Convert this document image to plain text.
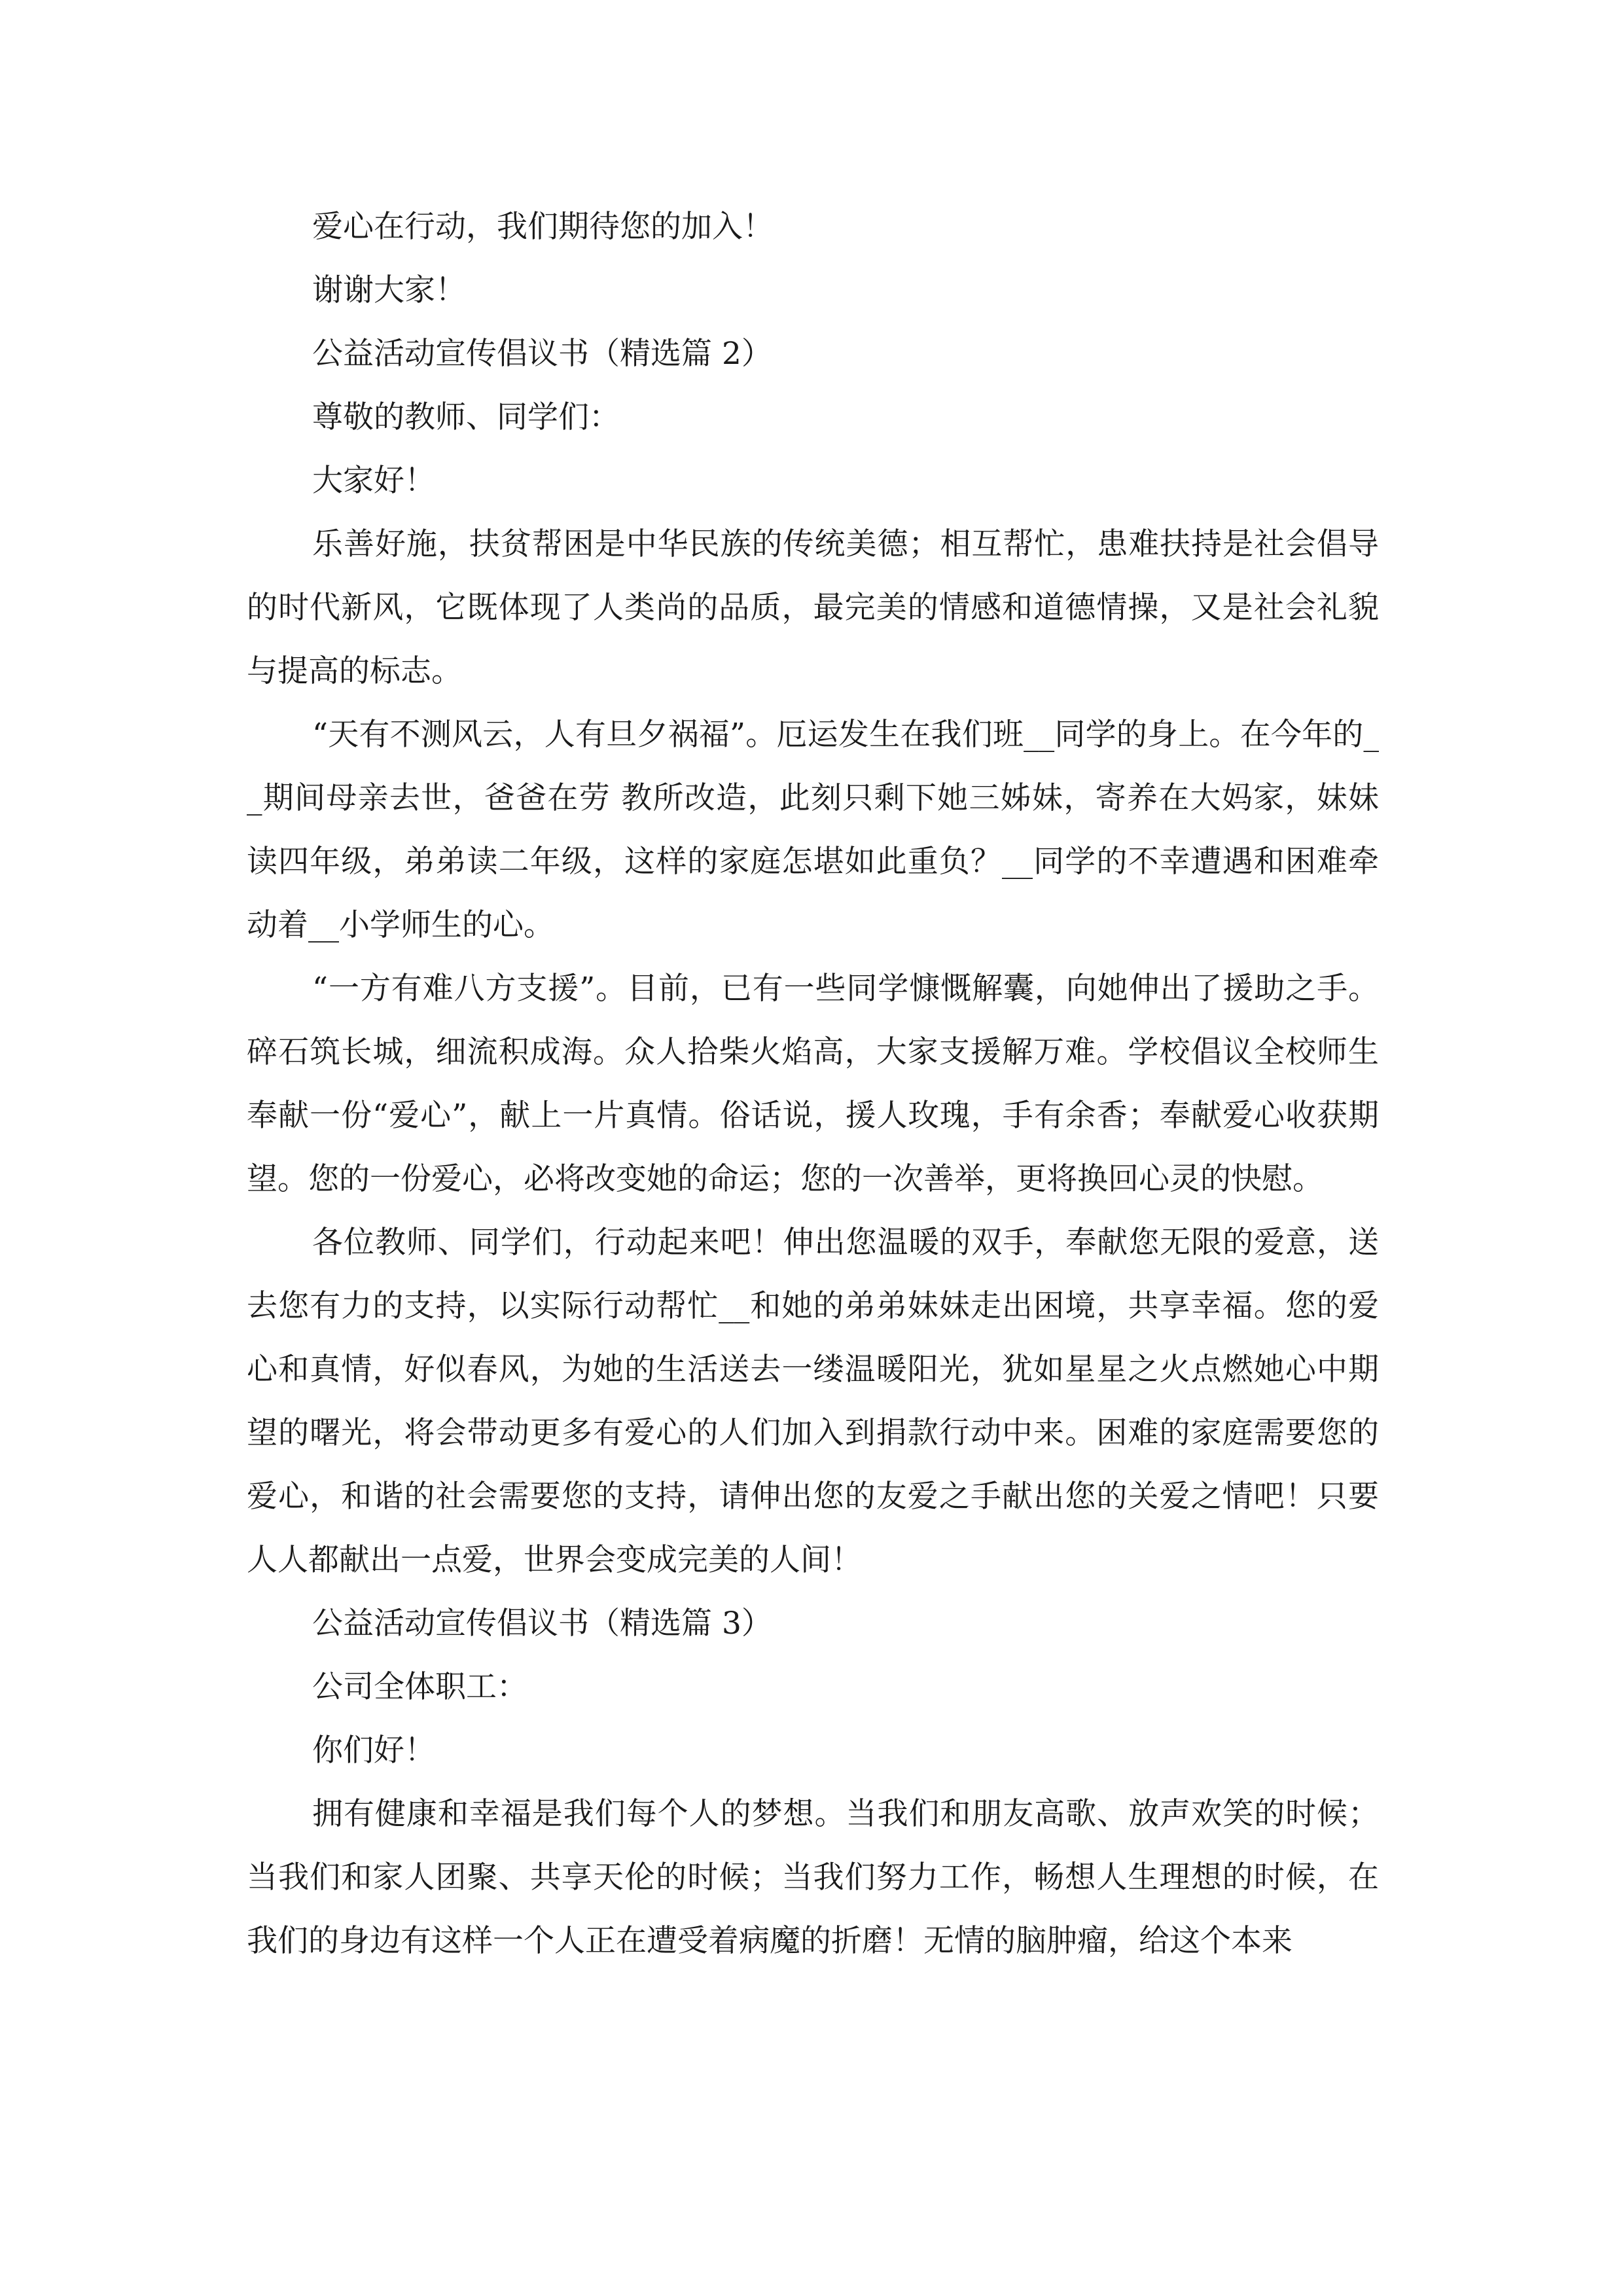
爱心在行动，我们期待您的加入！
谢谢大家！
公益活动宣传倡议书（精选篇 2）
尊敬的教师、同学们：
大家好！

乐善好施，扶贫帮困是中华民族的传统美德；相互帮忙，患难扶持是社会倡导的时代新风，它既体现了人类尚的品质，最完美的情感和道德情操，又是社会礼貌与提高的标志。

“天有不测风云，人有旦夕祸福”。厄运发生在我们班__同学的身上。在今年的__期间母亲去世，爸爸在劳 教所改造，此刻只剩下她三姊妹，寄养在大妈家，妹妹读四年级，弟弟读二年级，这样的家庭怎堪如此重负？__同学的不幸遭遇和困难牵动着__小学师生的心。

“一方有难八方支援”。目前，已有一些同学慷慨解囊，向她伸出了援助之手。碎石筑长城，细流积成海。众人拾柴火焰高，大家支援解万难。学校倡议全校师生奉献一份“爱心”，献上一片真情。俗话说，援人玫瑰，手有余香；奉献爱心收获期望。您的一份爱心，必将改变她的命运；您的一次善举，更将换回心灵的快慰。

各位教师、同学们，行动起来吧！伸出您温暖的双手，奉献您无限的爱意，送去您有力的支持，以实际行动帮忙__和她的弟弟妹妹走出困境，共享幸福。您的爱心和真情，好似春风，为她的生活送去一缕温暖阳光，犹如星星之火点燃她心中期望的曙光，将会带动更多有爱心的人们加入到捐款行动中来。困难的家庭需要您的爱心，和谐的社会需要您的支持，请伸出您的友爱之手献出您的关爱之情吧！只要人人都献出一点爱，世界会变成完美的人间！

公益活动宣传倡议书（精选篇 3）
公司全体职工：
你们好！

拥有健康和幸福是我们每个人的梦想。当我们和朋友高歌、放声欢笑的时候；当我们和家人团聚、共享天伦的时候；当我们努力工作，畅想人生理想的时候，在我们的身边有这样一个人正在遭受着病魔的折磨！无情的脑肿瘤，给这个本来
